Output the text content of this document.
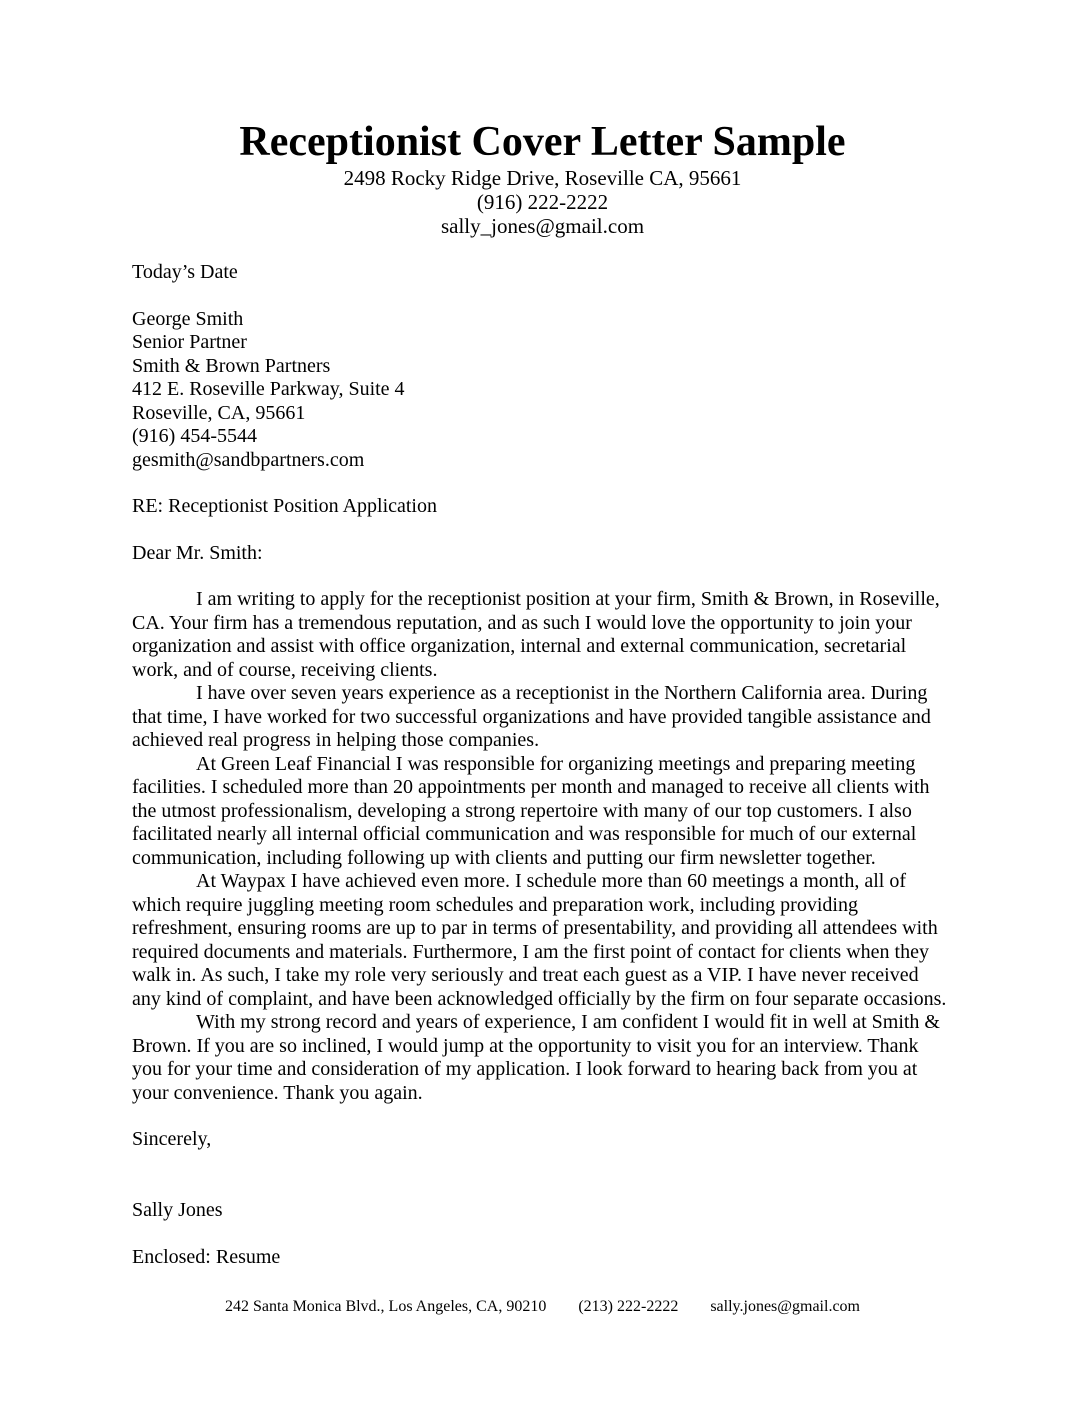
Receptionist Cover Letter Sample
2498 Rocky Ridge Drive, Roseville CA, 95661
(916) 222-2222
sally_jones@gmail.com
Today’s Date
George Smith
Senior Partner
Smith & Brown Partners
412 E. Roseville Parkway, Suite 4
Roseville, CA, 95661
(916) 454-5544
gesmith@sandbpartners.com
RE: Receptionist Position Application
Dear Mr. Smith:

I am writing to apply for the receptionist position at your firm, Smith & Brown, in Roseville, CA. Your firm has a tremendous reputation, and as such I would love the opportunity to join your organization and assist with office organization, internal and external communication, secretarial work, and of course, receiving clients.

I have over seven years experience as a receptionist in the Northern California area. During that time, I have worked for two successful organizations and have provided tangible assistance and achieved real progress in helping those companies.

At Green Leaf Financial I was responsible for organizing meetings and preparing meeting facilities. I scheduled more than 20 appointments per month and managed to receive all clients with the utmost professionalism, developing a strong repertoire with many of our top customers. I also facilitated nearly all internal official communication and was responsible for much of our external communication, including following up with clients and putting our firm newsletter together.

At Waypax I have achieved even more. I schedule more than 60 meetings a month, all of which require juggling meeting room schedules and preparation work, including providing refreshment, ensuring rooms are up to par in terms of presentability, and providing all attendees with required documents and materials. Furthermore, I am the first point of contact for clients when they walk in. As such, I take my role very seriously and treat each guest as a VIP. I have never received any kind of complaint, and have been acknowledged officially by the firm on four separate occasions.

With my strong record and years of experience, I am confident I would fit in well at Smith & Brown. If you are so inclined, I would jump at the opportunity to visit you for an interview. Thank you for your time and consideration of my application. I look forward to hearing back from you at your convenience. Thank you again.

Sincerely,
Sally Jones
Enclosed: Resume
242 Santa Monica Blvd., Los Angeles, CA, 90210 (213) 222-2222 sally.jones@gmail.com
